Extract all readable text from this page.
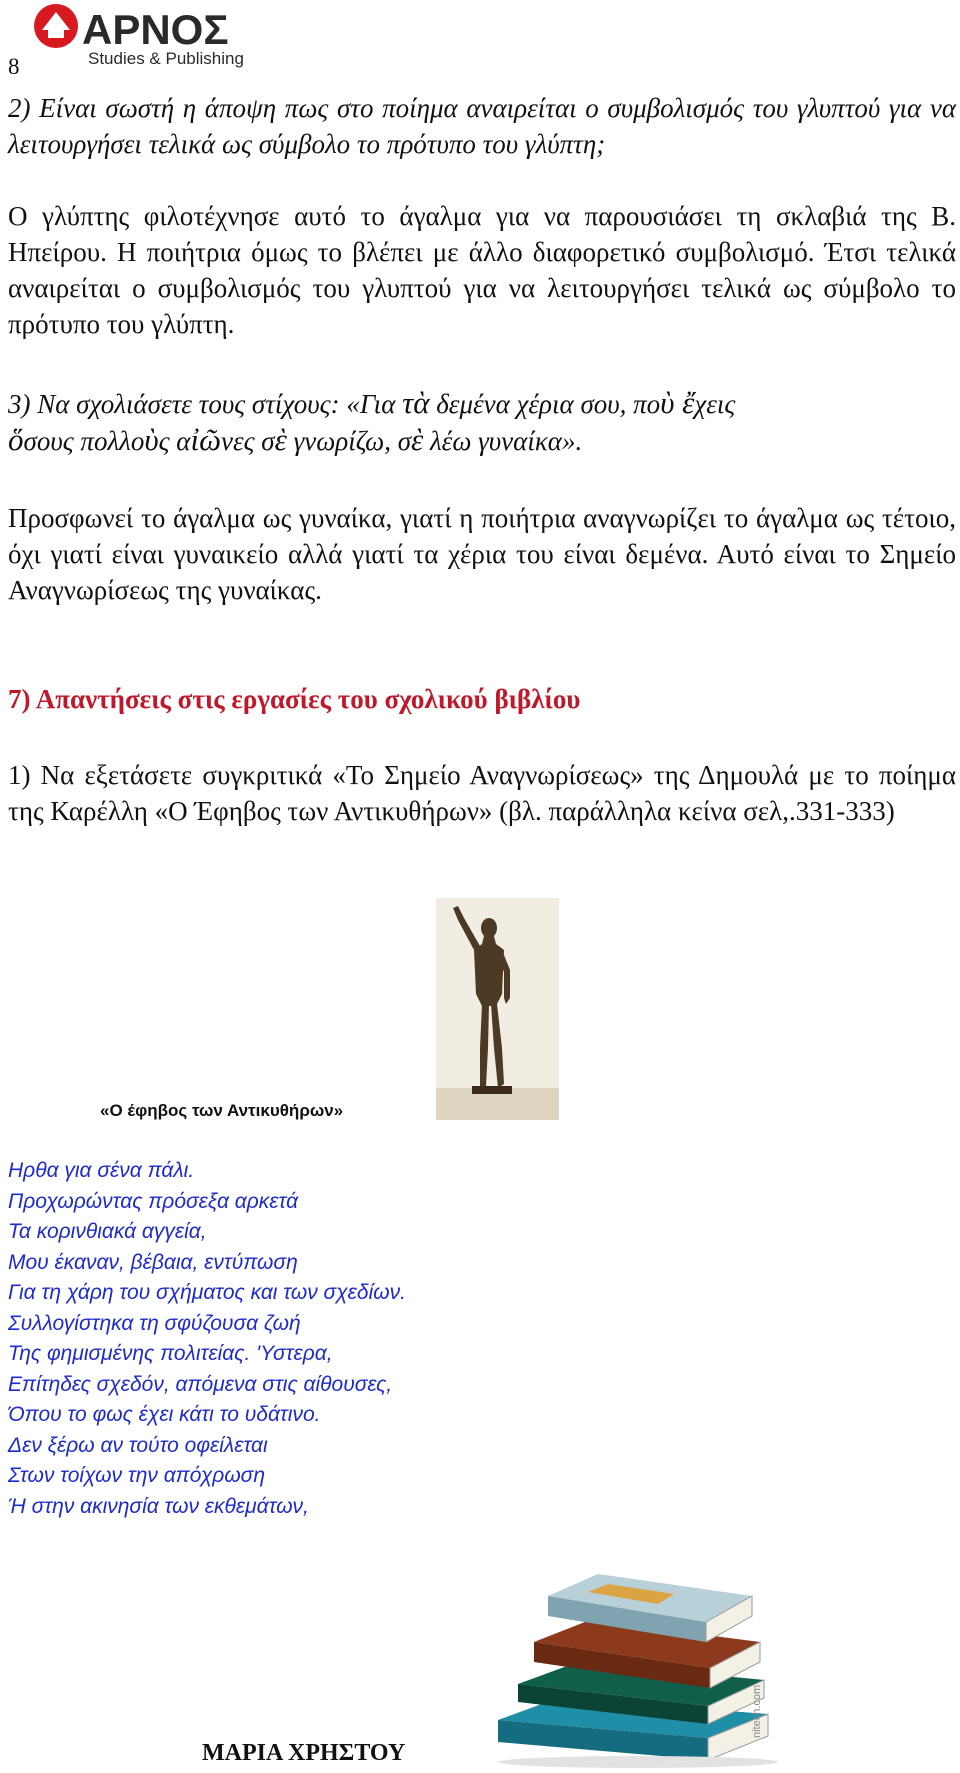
ΑΡΝΟΣ
Studies & Publishing
8
2) Είναι σωστή η άποψη πως στο ποίημα αναιρείται ο συμβολισμός του γλυπτού για να λειτουργήσει τελικά ως σύμβολο το πρότυπο του γλύπτη;
Ο γλύπτης φιλοτέχνησε αυτό το άγαλμα για να παρουσιάσει τη σκλαβιά της Β. Ηπείρου. Η ποιήτρια όμως το βλέπει με άλλο διαφορετικό συμβολισμό. Έτσι τελικά αναιρείται ο συμβολισμός του γλυπτού για να λειτουργήσει τελικά ως σύμβολο το πρότυπο του γλύπτη.
3) Να σχολιάσετε τους στίχους: «Για τὰ δεμένα χέρια σου, ποὺ ἔχεις
ὅσους πολλοὺς αἰῶνες σὲ γνωρίζω, σὲ λέω γυναίκα».
Προσφωνεί το άγαλμα ως γυναίκα, γιατί η ποιήτρια αναγνωρίζει το άγαλμα ως τέτοιο, όχι γιατί είναι γυναικείο αλλά γιατί τα χέρια του είναι δεμένα. Αυτό είναι το Σημείο Αναγνωρίσεως της γυναίκας.
7) Απαντήσεις στις εργασίες του σχολικού βιβλίου
1) Να εξετάσετε συγκριτικά «Το Σημείο Αναγνωρίσεως» της Δημουλά με το ποίημα της Καρέλλη «Ο Έφηβος των Αντικυθήρων» (βλ. παράλληλα κείνα σελ,.331-333)
«Ο έφηβος των Αντικυθήρων»
Ηρθα για σένα πάλι.
Προχωρώντας πρόσεξα αρκετά
Τα κορινθιακά αγγεία,
Μου έκαναν, βέβαια, εντύπωση
Για τη χάρη του σχήματος και των σχεδίων.
Συλλογίστηκα τη σφύζουσα ζωή
Της φημισμένης πολιτείας. 'Υστερα,
Επίτηδες σχεδόν, απόμενα στις αίθουσες,
Όπου το φως έχει κάτι το υδάτινο.
Δεν ξέρω αν τούτο οφείλεται
Στων τοίχων την απόχρωση
Ή στην ακινησία των εκθεμάτων,
nitech.com
ΜΑΡΙΑ ΧΡΗΣΤΟΥ
